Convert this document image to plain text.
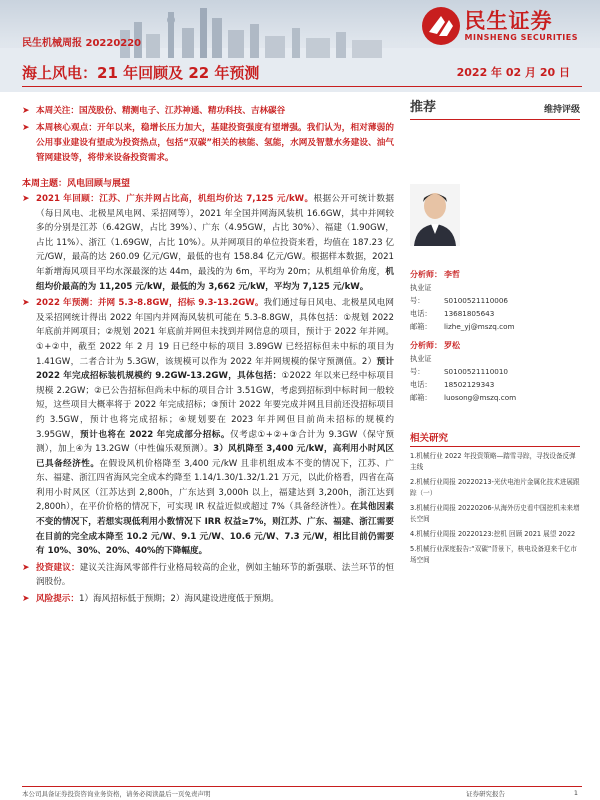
民生证券
MINSHENG SECURITIES
民生机械周报 20220220
海上风电：21 年回顾及 22 年预测	2022 年 02 月 20 日
➤ 本周关注：国茂股份、精测电子、江苏神通、精功科技、吉林碳谷
➤ 本周核心观点：开年以来，稳增长压力加大，基建投资强度有望增强。我们认为，相对薄弱的公用事业建设有望成为投资热点，包括“双碳”相关的核能、氢能，水网及智慧水务建设、油气管网建设等，将带来设备投资需求。
本周主题：风电回顾与展望
➤ 2021 年回顾：江苏、广东并网占比高，机组均价达 7,125 元/kW。根据公开可统计数据（每日风电、北极星风电网、采招网等），2021 年全国并网海风装机 16.6GW，其中并网较多的分别是江苏（6.42GW，占比 39%）、广东（4.95GW，占比 30%）、福建（1.90GW，占比 11%）、浙江（1.69GW，占比 10%）。从并网项目的单位投资来看，均值在 187.23 亿元/GW，最高的达 260.09 亿元/GW，最低的也有 158.84 亿元/GW。根据样本数据，2021 年新增海风项目平均水深最深的达 44m，最浅的为 6m，平均为 20m；从机组单价角度，机组均价最高的为 11,205 元/kW，最低的为 3,662 元/kW，平均为 7,125 元/kW。
➤ 2022 年预测：并网 5.3-8.8GW，招标 9.3-13.2GW。我们通过每日风电、北极星风电网及采招网统计得出 2022 年国内并网海风装机可能在 5.3-8.8GW，具体包括：①规划 2022 年底前并网项目；②规划 2021 年底前并网但未找到并网信息的项目，预计于 2022 年并网。①+②中，截至 2022 年 2 月 19 日已经中标的项目 3.89GW 已经招标但未中标的项目为 1.41GW，二者合计为 5.3GW，该规模可以作为 2022 年并网规模的保守预测值。2）预计 2022 年完成招标装机规模约 9.2GW-13.2GW，具体包括：①2022 年以来已经中标项目规模 2.2GW；②已公告招标但尚未中标的项目合计 3.51GW，考虑到招标到中标时间一般较短，这些项目大概率将于 2022 年完成招标；③预计 2022 年要完成并网且目前还没招标项目约 3.5GW，预计也将完成招标；④规划要在 2023 年并网但目前尚未招标的规模约 3.95GW，预计也将在 2022 年完成部分招标。仅考虑①+②+③合计为 9.3GW（保守预测），加上④为 13.2GW（中性偏乐观预测）。3）风机降至 3,400 元/kW，高利用小时风区已具备经济性。在假设风机价格降至 3,400 元/kW 且非机组成本不变的情况下，江苏、广东、福建、浙江四省海风完全成本约降至 1.14/1.30/1.32/1.21 万元，以此价格看，四省在高利用小时风区（江苏达到 2,800h，广东达到 3,000h 以上，福建达到 3,200h，浙江达到 2,800h），在平价价格的情况下，可实现 IR 权益近似或超过 7%（具备经济性）。在其他因素不变的情况下，若想实现低利用小数情况下 IRR 权益≥7%，则江苏、广东、福建、浙江需要在目前的完全成本降至 10.2 元/W、9.1 元/W、10.6 元/W、7.3 元/W，相比目前仍需要有 10%、30%、20%、40%的下降幅度。
➤ 投资建议：建议关注海风零部件行业格局较高的企业，例如主轴环节的新强联、法兰环节的恒润股份。
➤ 风险提示：1）海风招标低于预期；2）海风建设进度低于预期。
推荐	维持评级
分析师： 李哲
执业证号：	S0100521110006
电话： 13681805643
邮箱： lizhe_yj@mszq.com
分析师： 罗松
执业证号：	S0100521110010
电话： 18502129343
邮箱： luosong@mszq.com
相关研究
1.机械行业 2022 年投资策略—踏雪寻踪，寻找设备反弹主线
2.机械行业周报 20220213-光伏电池片金属化技术进展跟踪（一）
3.机械行业周报 20220206-从海外历史看中国挖机未来增长空间
4.机械行业周报 20220123:挖机 回顾 2021 展望 2022
5.机械行业深度报告:“双碳”背景下，核电设备迎来千亿市场空间
本公司具备证券投资咨询业务资格，请务必阅读最后一页免责声明	证券研究报告	1
